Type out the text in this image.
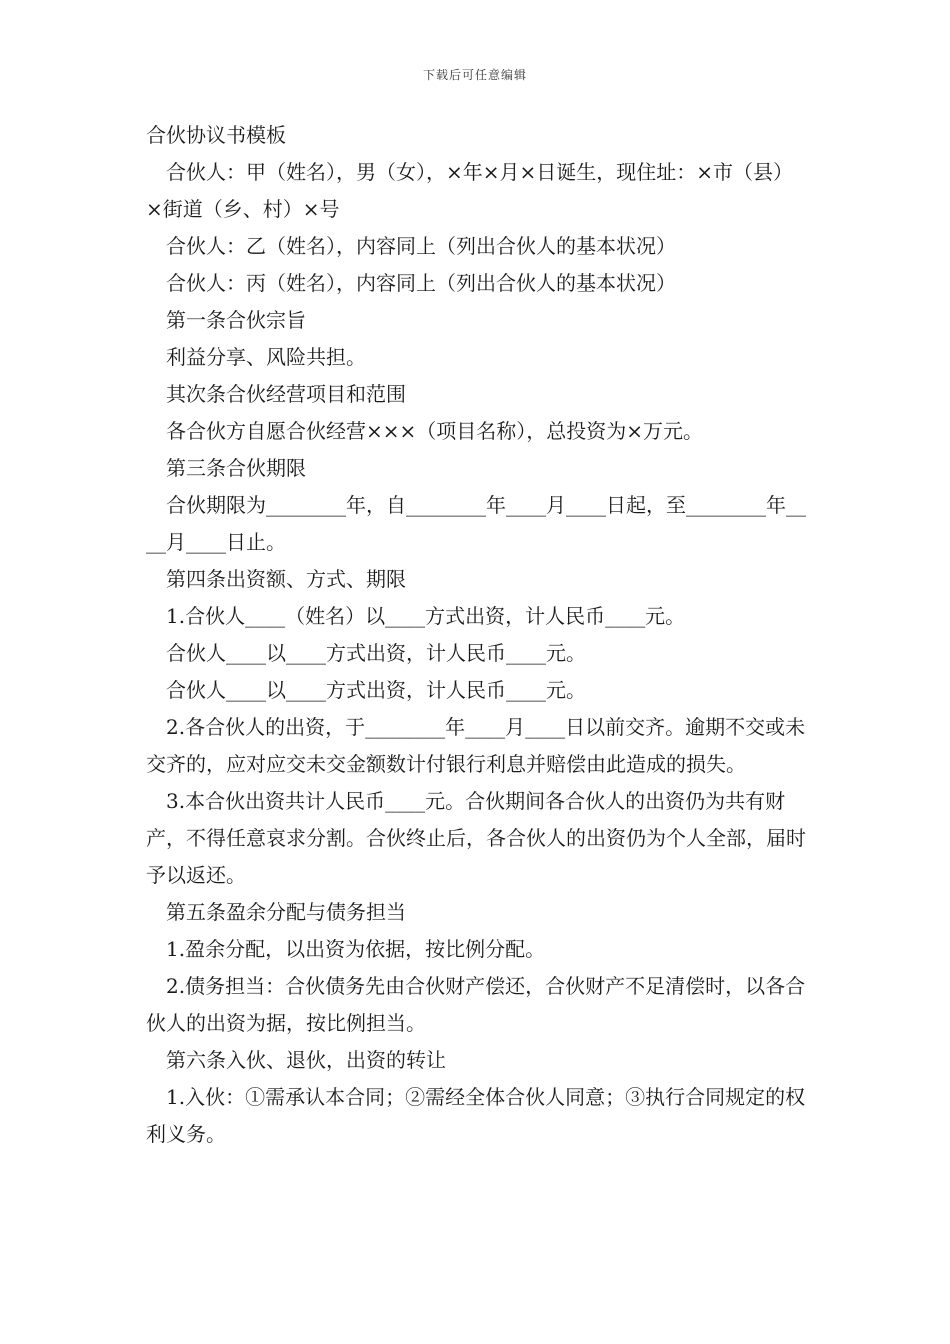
下载后可任意编辑
合伙协议书模板

合伙人：甲（姓名），男（女），×年×月×日诞生，现住址：×市（县）×街道（乡、村）×号

合伙人：乙（姓名），内容同上（列出合伙人的基本状况）

合伙人：丙（姓名），内容同上（列出合伙人的基本状况）

第一条合伙宗旨

利益分享、风险共担。

其次条合伙经营项目和范围

各合伙方自愿合伙经营×××（项目名称），总投资为×万元。

第三条合伙期限

合伙期限为________年，自________年____月____日起，至________年____月____日止。

第四条出资额、方式、期限

1.合伙人____（姓名）以____方式出资，计人民币____元。

合伙人____以____方式出资，计人民币____元。

合伙人____以____方式出资，计人民币____元。

2.各合伙人的出资，于________年____月____日以前交齐。逾期不交或未交齐的，应对应交未交金额数计付银行利息并赔偿由此造成的损失。

3.本合伙出资共计人民币____元。合伙期间各合伙人的出资仍为共有财产，不得任意哀求分割。合伙终止后，各合伙人的出资仍为个人全部，届时予以返还。

第五条盈余分配与债务担当

1.盈余分配，以出资为依据，按比例分配。

2.债务担当：合伙债务先由合伙财产偿还，合伙财产不足清偿时，以各合伙人的出资为据，按比例担当。

第六条入伙、退伙，出资的转让

1.入伙：①需承认本合同；②需经全体合伙人同意；③执行合同规定的权利义务。
